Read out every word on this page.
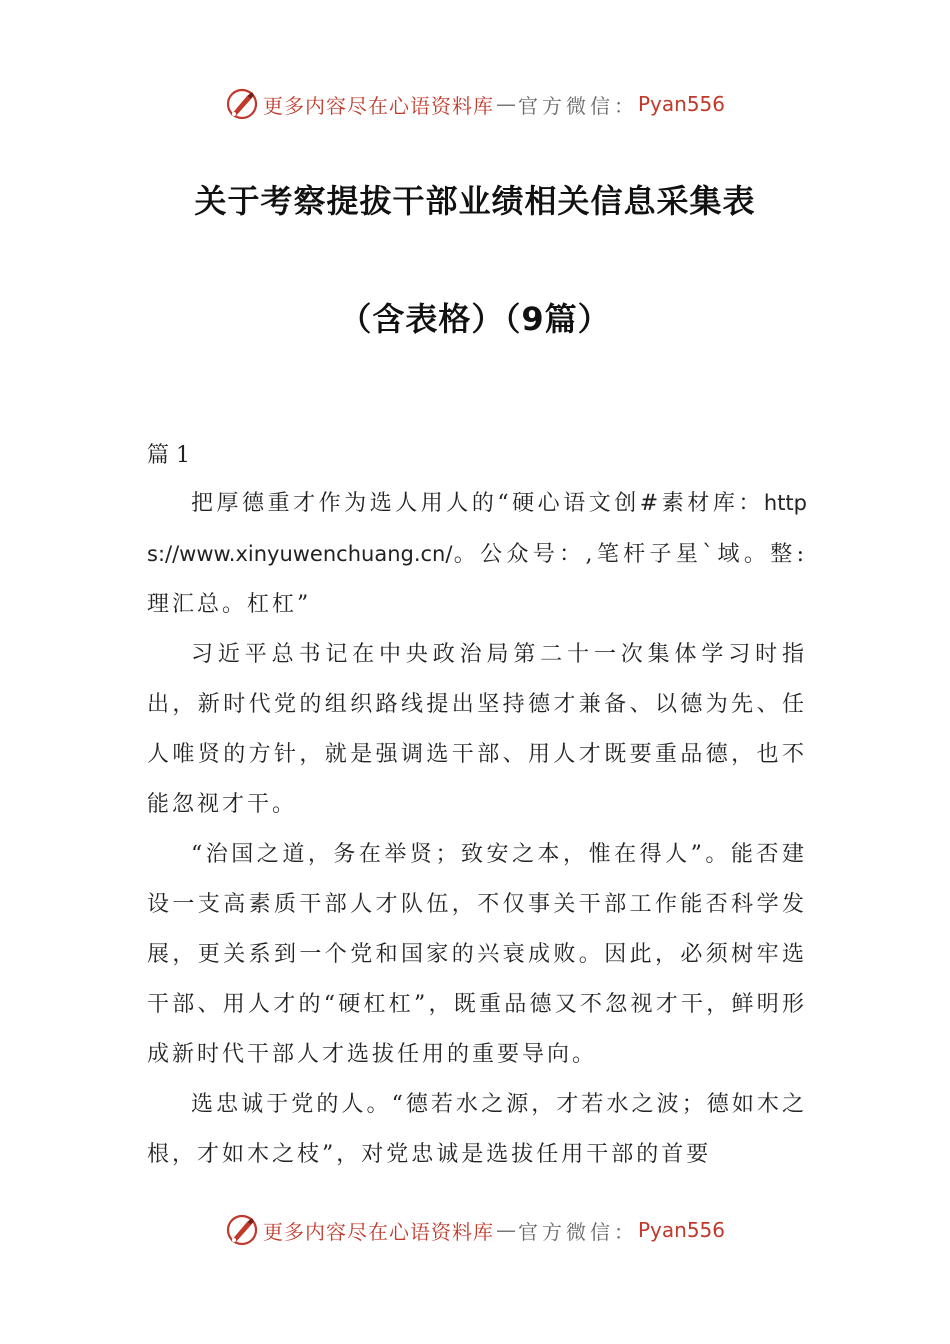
更多内容尽在心语资料库 — 官方微信： Pyan556
关于考察提拔干部业绩相关信息采集表
（含表格）（9篇）
篇 1

把厚德重才作为选人用人的“硬心语文创#素材库：https://www.xinyuwenchuang.cn/。公众号：,笔杆子星`域。整:理汇总。杠杠”

习近平总书记在中央政治局第二十一次集体学习时指出，新时代党的组织路线提出坚持德才兼备、以德为先、任人唯贤的方针，就是强调选干部、用人才既要重品德，也不能忽视才干。

“治国之道，务在举贤；致安之本，惟在得人”。能否建设一支高素质干部人才队伍，不仅事关干部工作能否科学发展，更关系到一个党和国家的兴衰成败。因此，必须树牢选干部、用人才的“硬杠杠”，既重品德又不忽视才干，鲜明形成新时代干部人才选拔任用的重要导向。

选忠诚于党的人。“德若水之源，才若水之波；德如木之根，才如木之枝”，对党忠诚是选拔任用干部的首要

更多内容尽在心语资料库 — 官方微信： Pyan556
